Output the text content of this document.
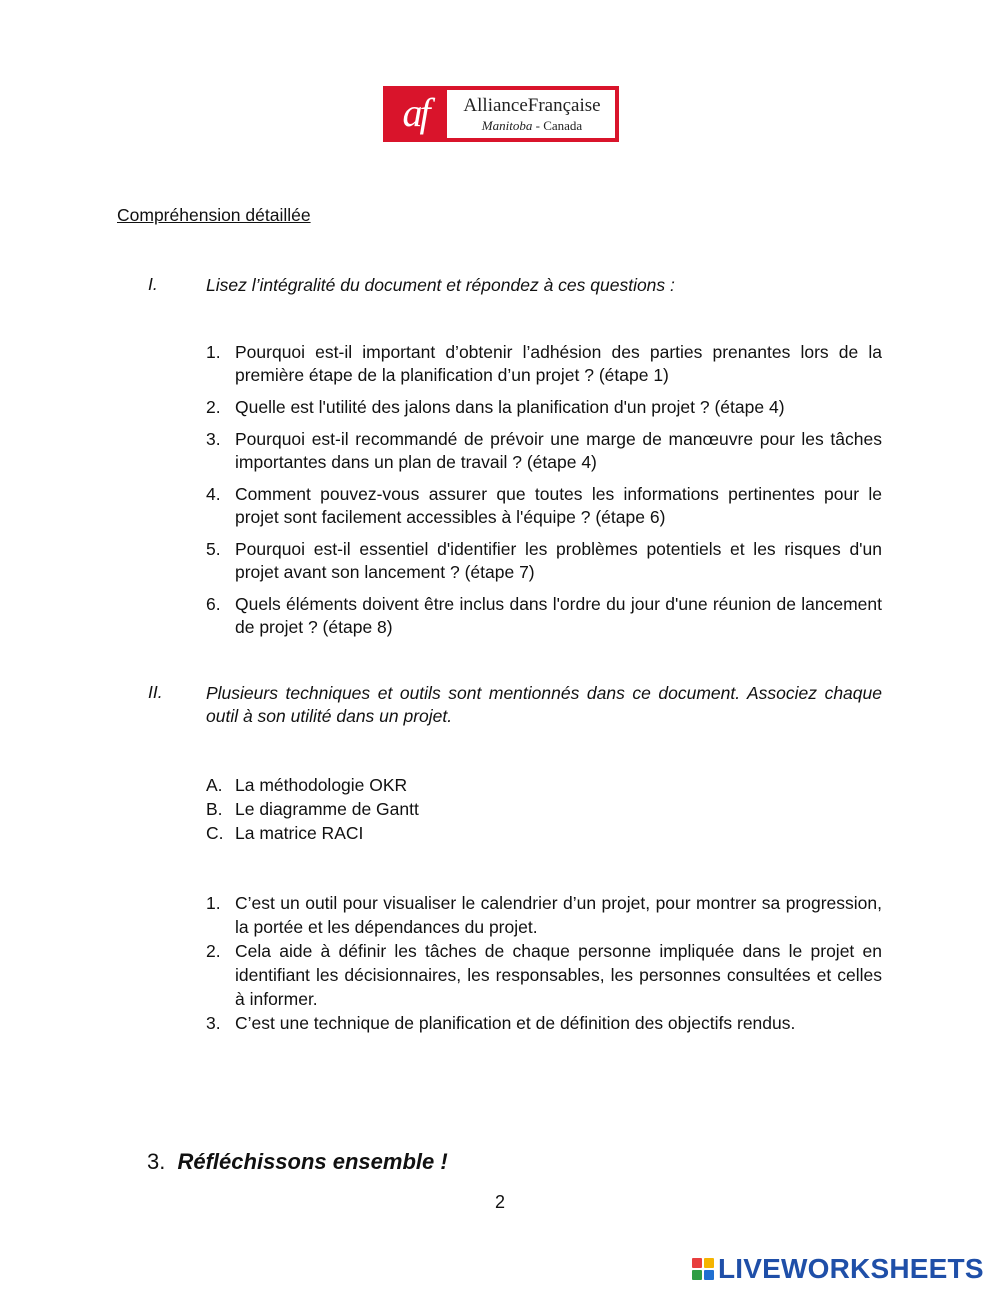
af	AllianceFrançaise
Manitoba - Canada
Compréhension détaillée
I.	Lisez l’intégralité du document et répondez à ces questions :
1. Pourquoi est-il important d’obtenir l’adhésion des parties prenantes lors de la première étape de la planification d’un projet ? (étape 1)
2. Quelle est l'utilité des jalons dans la planification d'un projet ? (étape 4)
3. Pourquoi est-il recommandé de prévoir une marge de manœuvre pour les tâches importantes dans un plan de travail ? (étape 4)
4. Comment pouvez-vous assurer que toutes les informations pertinentes pour le projet sont facilement accessibles à l'équipe ? (étape 6)
5. Pourquoi est-il essentiel d'identifier les problèmes potentiels et les risques d'un projet avant son lancement ? (étape 7)
6. Quels éléments doivent être inclus dans l'ordre du jour d'une réunion de lancement de projet ? (étape 8)
II. Plusieurs techniques et outils sont mentionnés dans ce document. Associez chaque outil à son utilité dans un projet.
A. La méthodologie OKR
B. Le diagramme de Gantt
C. La matrice RACI
1. C’est un outil pour visualiser le calendrier d’un projet, pour montrer sa progression, la portée et les dépendances du projet.
2. Cela aide à définir les tâches de chaque personne impliquée dans le projet en identifiant les décisionnaires, les responsables, les personnes consultées et celles à informer.
3. C’est une technique de planification et de définition des objectifs rendus.
3. Réfléchissons ensemble !
2
LIVEWORKSHEETS
